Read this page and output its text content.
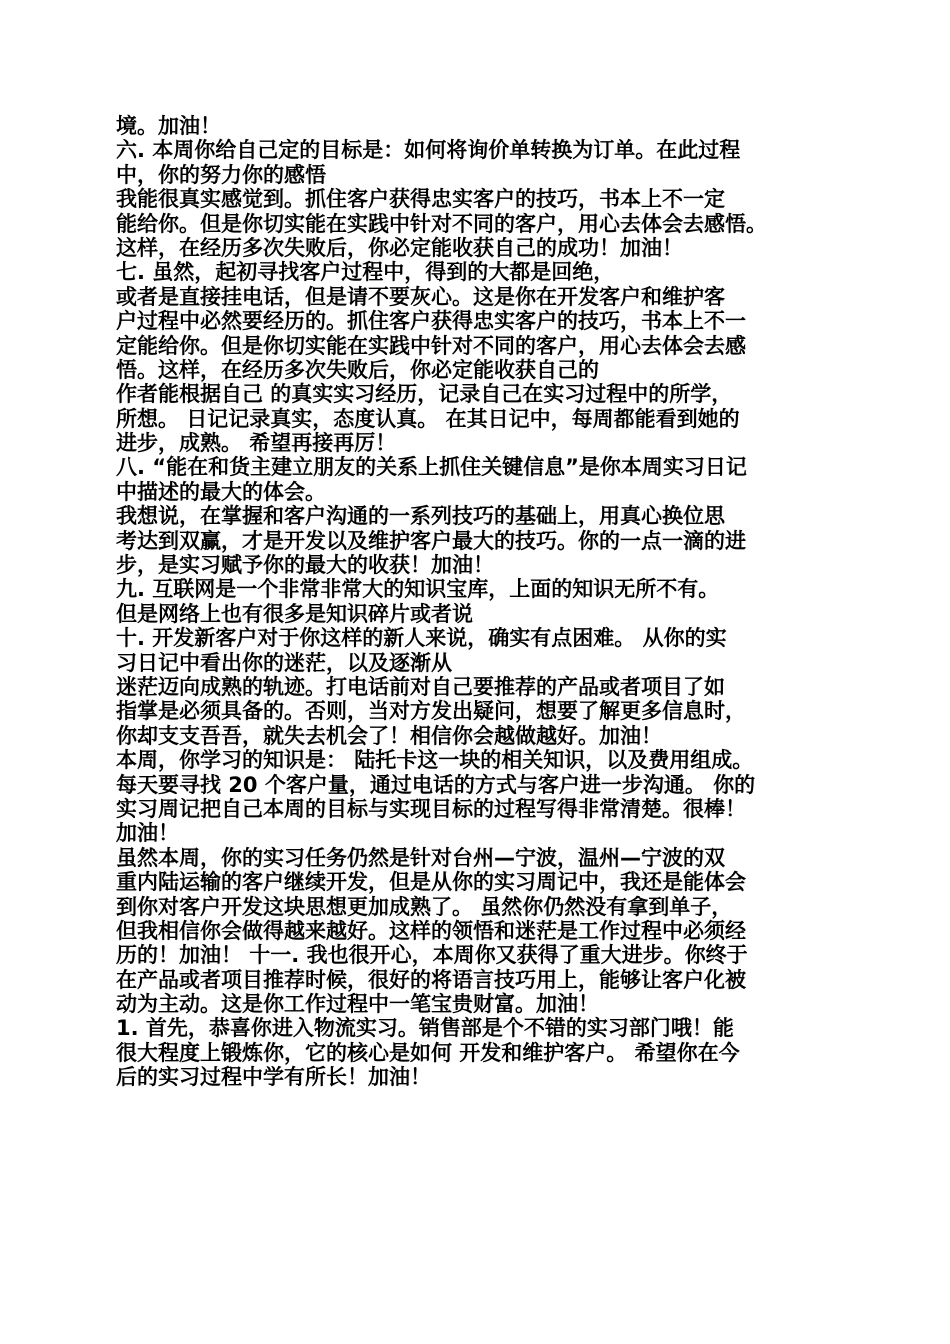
境。加油！
六. 本周你给自己定的目标是：如何将询价单转换为订单。在此过程
中，你的努力你的感悟
我能很真实感觉到。抓住客户获得忠实客户的技巧，书本上不一定
能给你。但是你切实能在实践中针对不同的客户，用心去体会去感悟。
这样，在经历多次失败后，你必定能收获自己的成功！加油！
七. 虽然，起初寻找客户过程中，得到的大都是回绝，
或者是直接挂电话，但是请不要灰心。这是你在开发客户和维护客
户过程中必然要经历的。抓住客户获得忠实客户的技巧，书本上不一
定能给你。但是你切实能在实践中针对不同的客户，用心去体会去感
悟。这样，在经历多次失败后，你必定能收获自己的
作者能根据自己 的真实实习经历，记录自己在实习过程中的所学，
所想。 日记记录真实，态度认真。 在其日记中，每周都能看到她的
进步，成熟。 希望再接再厉！
八. “能在和货主建立朋友的关系上抓住关键信息”是你本周实习日记
中描述的最大的体会。
我想说，在掌握和客户沟通的一系列技巧的基础上，用真心换位思
考达到双赢，才是开发以及维护客户最大的技巧。你的一点一滴的进
步，是实习赋予你的最大的收获！加油！
九. 互联网是一个非常非常大的知识宝库，上面的知识无所不有。
但是网络上也有很多是知识碎片或者说
十. 开发新客户对于你这样的新人来说，确实有点困难。 从你的实
习日记中看出你的迷茫，以及逐渐从
迷茫迈向成熟的轨迹。打电话前对自己要推荐的产品或者项目了如
指掌是必须具备的。否则，当对方发出疑问，想要了解更多信息时，
你却支支吾吾，就失去机会了！相信你会越做越好。加油！
本周，你学习的知识是： 陆托卡这一块的相关知识，以及费用组成。
每天要寻找 20 个客户量，通过电话的方式与客户进一步沟通。 你的
实习周记把自己本周的目标与实现目标的过程写得非常清楚。很棒！
加油！
虽然本周，你的实习任务仍然是针对台州—宁波，温州—宁波的双
重内陆运输的客户继续开发，但是从你的实习周记中，我还是能体会
到你对客户开发这块思想更加成熟了。 虽然你仍然没有拿到单子，
但我相信你会做得越来越好。这样的领悟和迷茫是工作过程中必须经
历的！加油！ 十一. 我也很开心，本周你又获得了重大进步。你终于
在产品或者项目推荐时候，很好的将语言技巧用上，能够让客户化被
动为主动。这是你工作过程中一笔宝贵财富。加油！
1. 首先，恭喜你进入物流实习。销售部是个不错的实习部门哦！能
很大程度上锻炼你，它的核心是如何 开发和维护客户。 希望你在今
后的实习过程中学有所长！加油！
